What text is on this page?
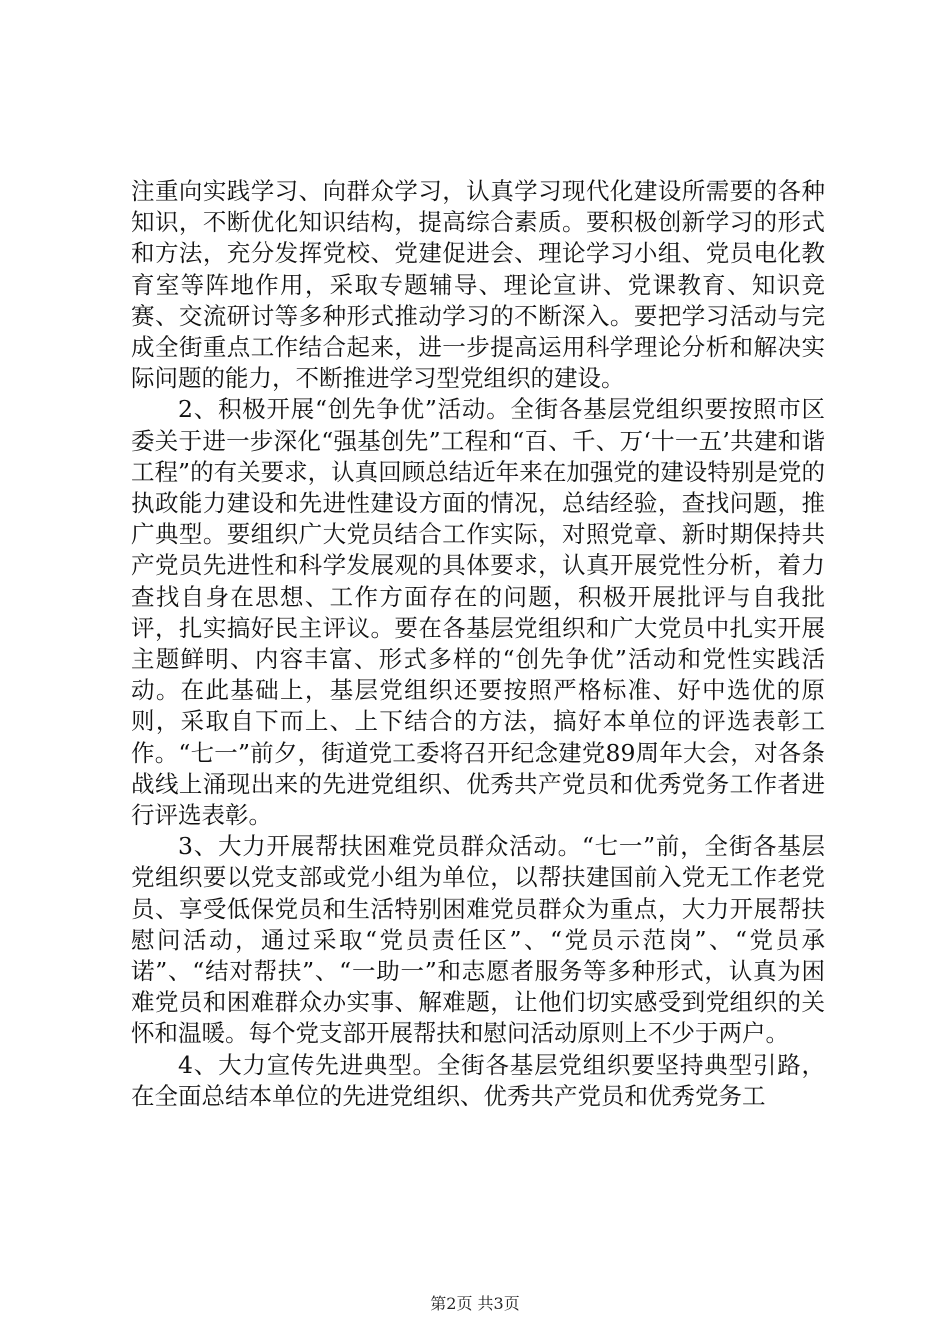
注重向实践学习、向群众学习，认真学习现代化建设所需要的各种知识，不断优化知识结构，提高综合素质。要积极创新学习的形式和方法，充分发挥党校、党建促进会、理论学习小组、党员电化教育室等阵地作用，采取专题辅导、理论宣讲、党课教育、知识竞赛、交流研讨等多种形式推动学习的不断深入。要把学习活动与完成全街重点工作结合起来，进一步提高运用科学理论分析和解决实际问题的能力，不断推进学习型党组织的建设。

2、积极开展“创先争优”活动。全街各基层党组织要按照市区委关于进一步深化“强基创先”工程和“百、千、万‘十一五’共建和谐工程”的有关要求，认真回顾总结近年来在加强党的建设特别是党的执政能力建设和先进性建设方面的情况，总结经验，查找问题，推广典型。要组织广大党员结合工作实际，对照党章、新时期保持共产党员先进性和科学发展观的具体要求，认真开展党性分析，着力查找自身在思想、工作方面存在的问题，积极开展批评与自我批评，扎实搞好民主评议。要在各基层党组织和广大党员中扎实开展主题鲜明、内容丰富、形式多样的“创先争优”活动和党性实践活动。在此基础上，基层党组织还要按照严格标准、好中选优的原则，采取自下而上、上下结合的方法，搞好本单位的评选表彰工作。“七一”前夕，街道党工委将召开纪念建党89周年大会，对各条战线上涌现出来的先进党组织、优秀共产党员和优秀党务工作者进行评选表彰。

3、大力开展帮扶困难党员群众活动。“七一”前，全街各基层党组织要以党支部或党小组为单位，以帮扶建国前入党无工作老党员、享受低保党员和生活特别困难党员群众为重点，大力开展帮扶慰问活动，通过采取“党员责任区”、“党员示范岗”、“党员承诺”、“结对帮扶”、“一助一”和志愿者服务等多种形式，认真为困难党员和困难群众办实事、解难题，让他们切实感受到党组织的关怀和温暖。每个党支部开展帮扶和慰问活动原则上不少于两户。

4、大力宣传先进典型。全街各基层党组织要坚持典型引路，在全面总结本单位的先进党组织、优秀共产党员和优秀党务工

第2页 共3页
